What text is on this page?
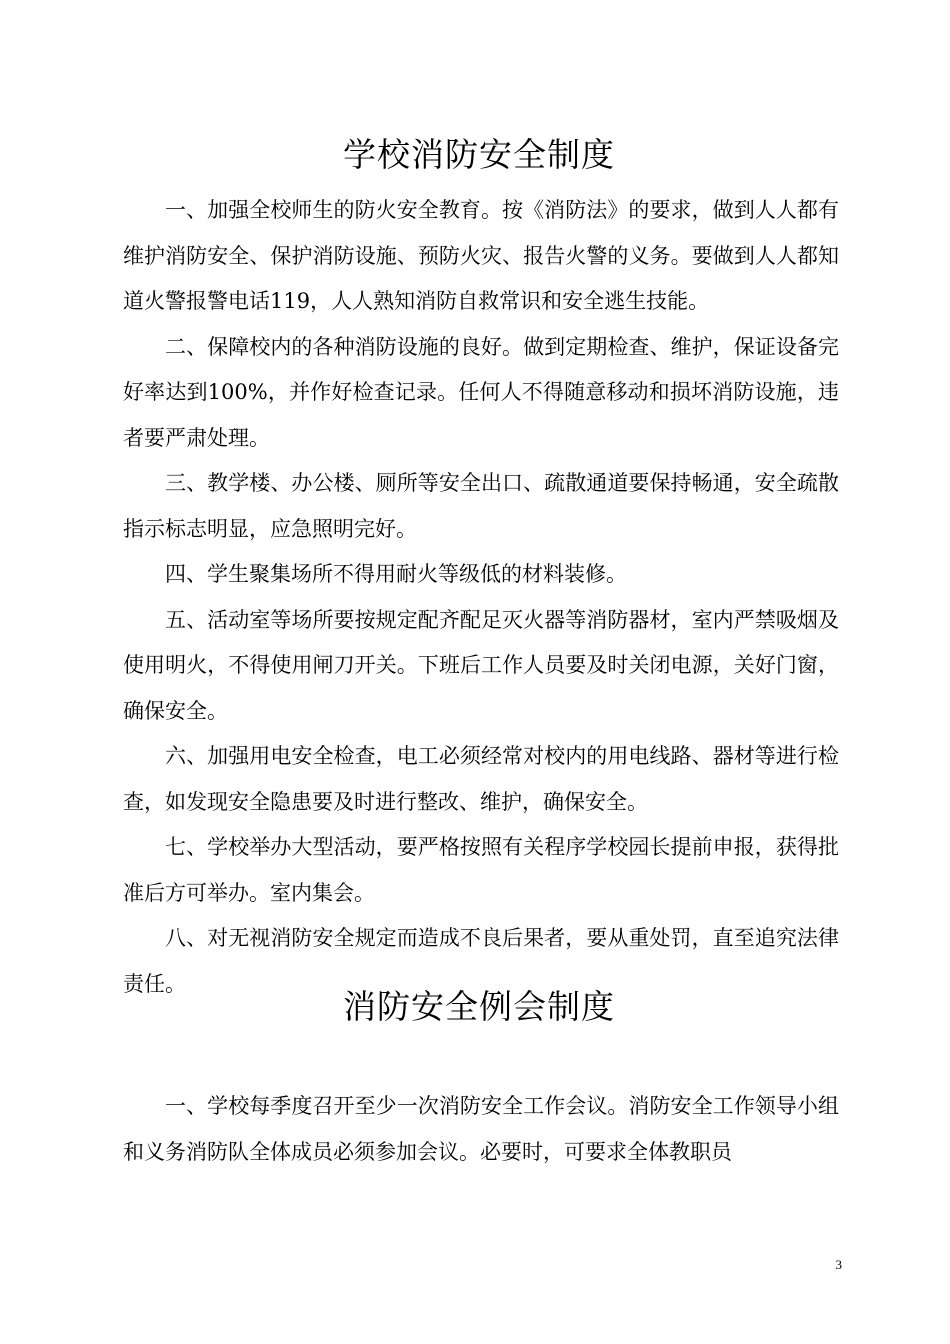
学校消防安全制度

一、加强全校师生的防火安全教育。按《消防法》的要求，做到人人都有维护消防安全、保护消防设施、预防火灾、报告火警的义务。要做到人人都知道火警报警电话119，人人熟知消防自救常识和安全逃生技能。

二、保障校内的各种消防设施的良好。做到定期检查、维护，保证设备完好率达到100%，并作好检查记录。任何人不得随意移动和损坏消防设施，违者要严肃处理。

三、教学楼、办公楼、厕所等安全出口、疏散通道要保持畅通，安全疏散指示标志明显，应急照明完好。

四、学生聚集场所不得用耐火等级低的材料装修。

五、活动室等场所要按规定配齐配足灭火器等消防器材，室内严禁吸烟及使用明火，不得使用闸刀开关。下班后工作人员要及时关闭电源，关好门窗，确保安全。

六、加强用电安全检查，电工必须经常对校内的用电线路、器材等进行检查，如发现安全隐患要及时进行整改、维护，确保安全。

七、学校举办大型活动，要严格按照有关程序学校园长提前申报，获得批准后方可举办。室内集会。

八、对无视消防安全规定而造成不良后果者，要从重处罚，直至追究法律责任。

消防安全例会制度

一、学校每季度召开至少一次消防安全工作会议。消防安全工作领导小组和义务消防队全体成员必须参加会议。必要时，可要求全体教职员

3
